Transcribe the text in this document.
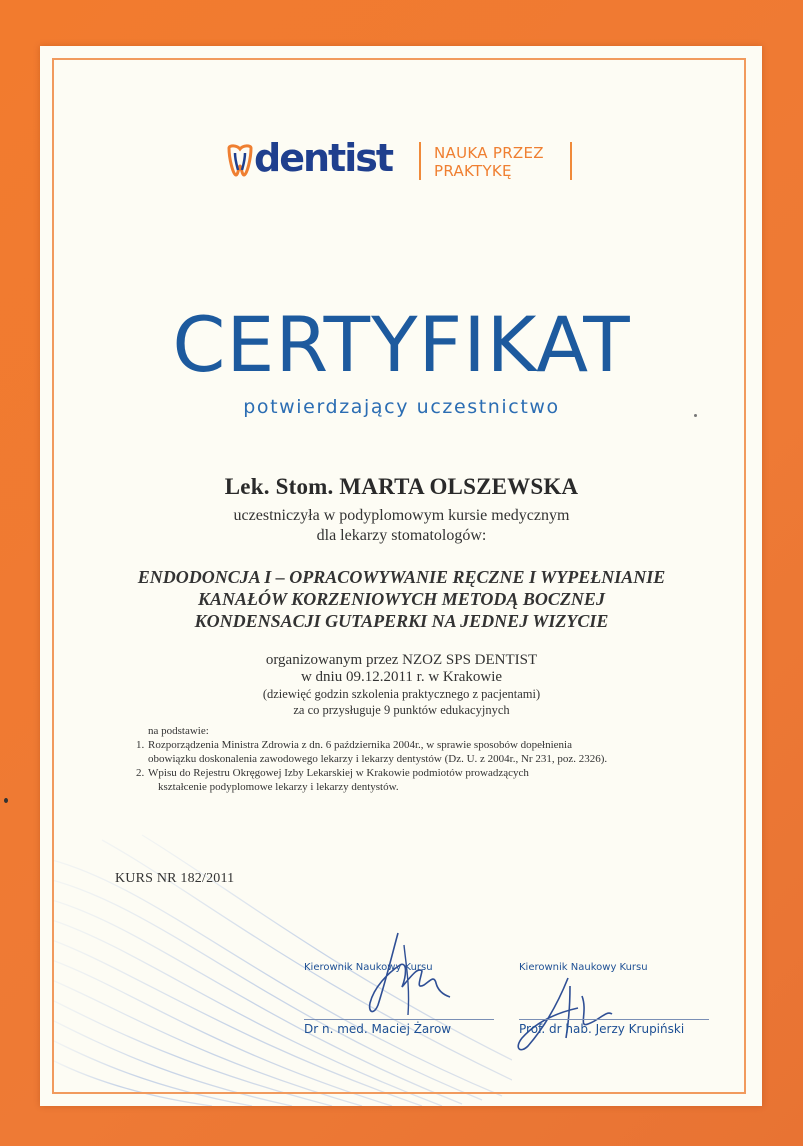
dentist	NAUKA PRZEZ
PRAKTYKĘ
CERTYFIKAT
potwierdzający uczestnictwo
Lek. Stom. MARTA OLSZEWSKA
uczestniczyła w podyplomowym kursie medycznym
dla lekarzy stomatologów:
ENDODONCJA I – OPRACOWYWANIE RĘCZNE I WYPEŁNIANIE
KANAŁÓW KORZENIOWYCH METODĄ BOCZNEJ
KONDENSACJI GUTAPERKI NA JEDNEJ WIZYCIE
organizowanym przez NZOZ SPS DENTIST
w dniu 09.12.2011 r. w Krakowie
(dziewięć godzin szkolenia praktycznego z pacjentami)
za co przysługuje 9 punktów edukacyjnych
na podstawie:
1. Rozporządzenia Ministra Zdrowia z dn. 6 października 2004r., w sprawie sposobów dopełnienia
obowiązku doskonalenia zawodowego lekarzy i lekarzy dentystów (Dz. U. z 2004r., Nr 231, poz. 2326).
2. Wpisu do Rejestru Okręgowej Izby Lekarskiej w Krakowie podmiotów prowadzących
kształcenie podyplomowe lekarzy i lekarzy dentystów.
KURS NR 182/2011
Kierownik Naukowy Kursu
Dr n. med. Maciej Żarow
Kierownik Naukowy Kursu
Prof. dr hab. Jerzy Krupiński
